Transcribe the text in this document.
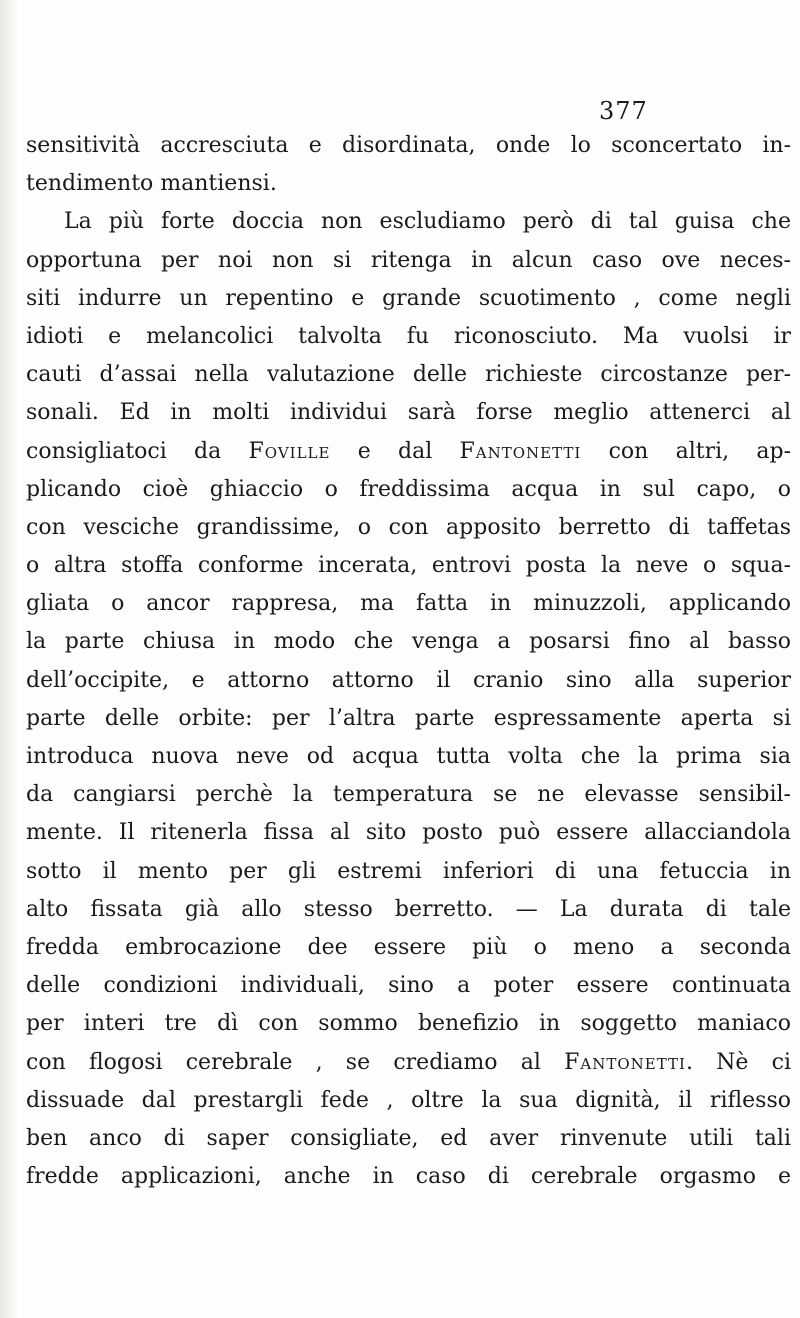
377
sensitività accresciuta e disordinata, onde lo sconcertato in-
tendimento mantiensi.
La più forte doccia non escludiamo però di tal guisa che
opportuna per noi non si ritenga in alcun caso ove neces-
siti indurre un repentino e grande scuotimento , come negli
idioti e melancolici talvolta fu riconosciuto. Ma vuolsi ir
cauti d’assai nella valutazione delle richieste circostanze per-
sonali. Ed in molti individui sarà forse meglio attenerci al
consigliatoci da Foville e dal Fantonetti con altri, ap-
plicando cioè ghiaccio o freddissima acqua in sul capo, o
con vesciche grandissime, o con apposito berretto di taffetas
o altra stoffa conforme incerata, entrovi posta la neve o squa-
gliata o ancor rappresa, ma fatta in minuzzoli, applicando
la parte chiusa in modo che venga a posarsi fino al basso
dell’occipite, e attorno attorno il cranio sino alla superior
parte delle orbite: per l’altra parte espressamente aperta si
introduca nuova neve od acqua tutta volta che la prima sia
da cangiarsi perchè la temperatura se ne elevasse sensibil-
mente. Il ritenerla fissa al sito posto può essere allacciandola
sotto il mento per gli estremi inferiori di una fetuccia in
alto fissata già allo stesso berretto. — La durata di tale
fredda embrocazione dee essere più o meno a seconda
delle condizioni individuali, sino a poter essere continuata
per interi tre dì con sommo benefizio in soggetto maniaco
con flogosi cerebrale , se crediamo al Fantonetti. Nè ci
dissuade dal prestargli fede , oltre la sua dignità, il riflesso
ben anco di saper consigliate, ed aver rinvenute utili tali
fredde applicazioni, anche in caso di cerebrale orgasmo e
